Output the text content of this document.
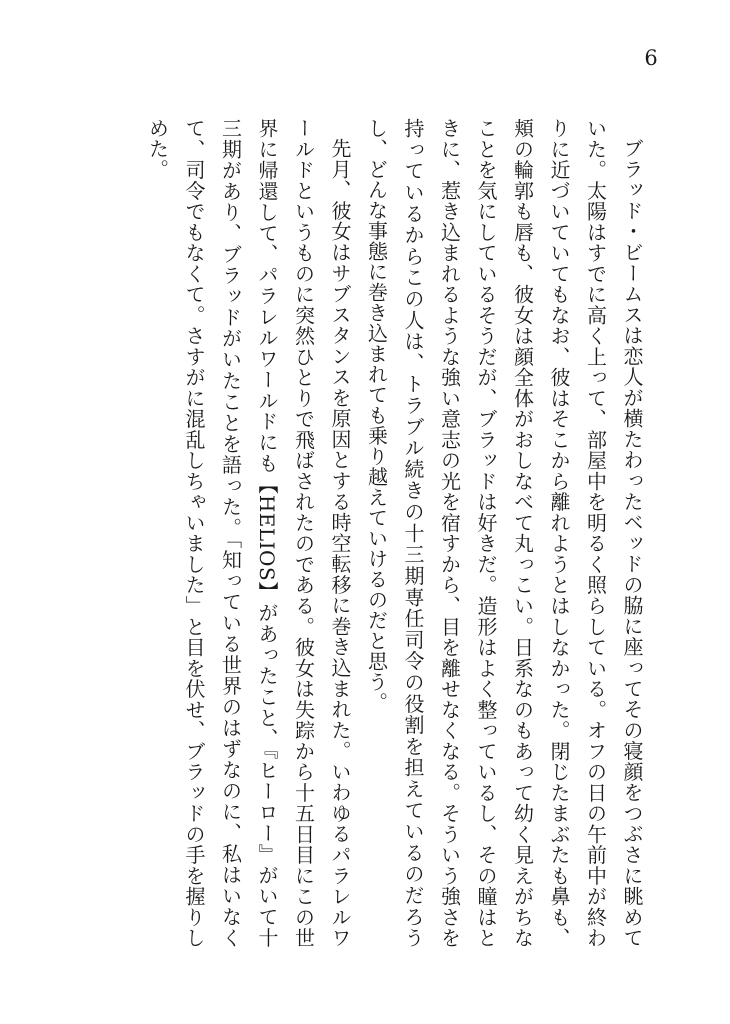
6

ブラッド・ビームスは恋人が横たわったベッドの脇に座ってその寝顔をつぶさに眺めていた。太陽はすでに高く上って、部屋中を明るく照らしている。オフの日の午前中が終わりに近づいていてもなお、彼はそこから離れようとはしなかった。閉じたまぶたも鼻も、頬の輪郭も唇も、彼女は顔全体がおしなべて丸っこい。日系なのもあって幼く見えがちなことを気にしているそうだが、ブラッドは好きだ。造形はよく整っているし、その瞳はときに、惹き込まれるような強い意志の光を宿すから、目を離せなくなる。そういう強さを持っているからこの人は、トラブル続きの十三期専任司令の役割を担えているのだろうし、どんな事態に巻き込まれても乗り越えていけるのだと思う。

先月、彼女はサブスタンスを原因とする時空転移に巻き込まれた。いわゆるパラレルワールドというものに突然ひとりで飛ばされたのである。彼女は失踪から十五日目にこの世界に帰還して、パラレルワールドにも【HELIOS】があったこと、『ヒーロー』がいて十三期があり、ブラッドがいたことを語った。「知っている世界のはずなのに、私はいなくて、司令でもなくて。さすがに混乱しちゃいました」と目を伏せ、ブラッドの手を握りしめた。
